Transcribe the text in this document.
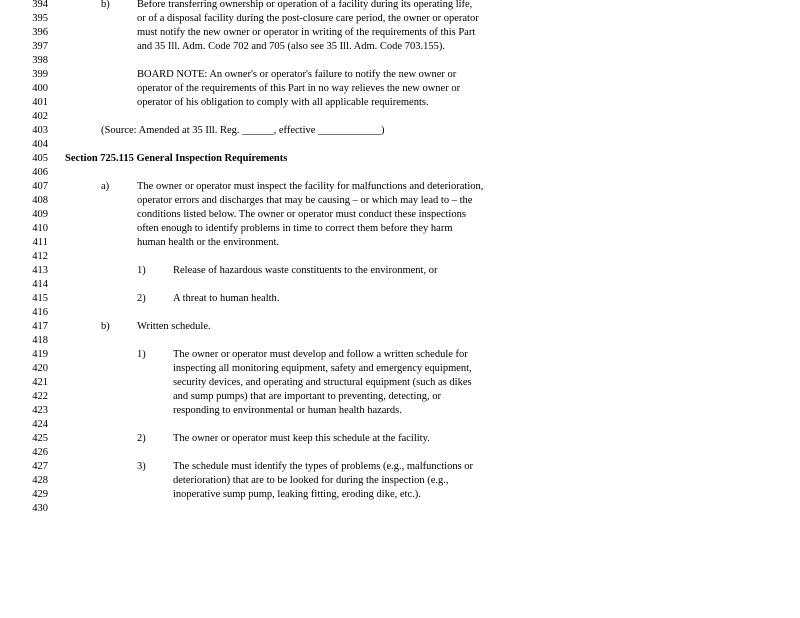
394	b)	Before transferring ownership or operation of a facility during its operating life,
395	or of a disposal facility during the post-closure care period, the owner or operator
396	must notify the new owner or operator in writing of the requirements of this Part
397	and 35 Ill. Adm. Code 702 and 705 (also see 35 Ill. Adm. Code 703.155).
398
399	BOARD NOTE: An owner's or operator's failure to notify the new owner or
400	operator of the requirements of this Part in no way relieves the new owner or
401	operator of his obligation to comply with all applicable requirements.
402
403	(Source: Amended at 35 Ill. Reg. ______, effective ____________)
404
405 Section 725.115 General Inspection Requirements
406
407	a)	The owner or operator must inspect the facility for malfunctions and deterioration,
408	operator errors and discharges that may be causing – or which may lead to – the
409	conditions listed below. The owner or operator must conduct these inspections
410	often enough to identify problems in time to correct them before they harm
411	human health or the environment.
412
413	1)	Release of hazardous waste constituents to the environment, or
414
415	2)	A threat to human health.
416
417	b)	Written schedule.
418
419	1)	The owner or operator must develop and follow a written schedule for
420	inspecting all monitoring equipment, safety and emergency equipment,
421	security devices, and operating and structural equipment (such as dikes
422	and sump pumps) that are important to preventing, detecting, or
423	responding to environmental or human health hazards.
424
425	2)	The owner or operator must keep this schedule at the facility.
426
427	3)	The schedule must identify the types of problems (e.g., malfunctions or
428	deterioration) that are to be looked for during the inspection (e.g.,
429	inoperative sump pump, leaking fitting, eroding dike, etc.).
430
